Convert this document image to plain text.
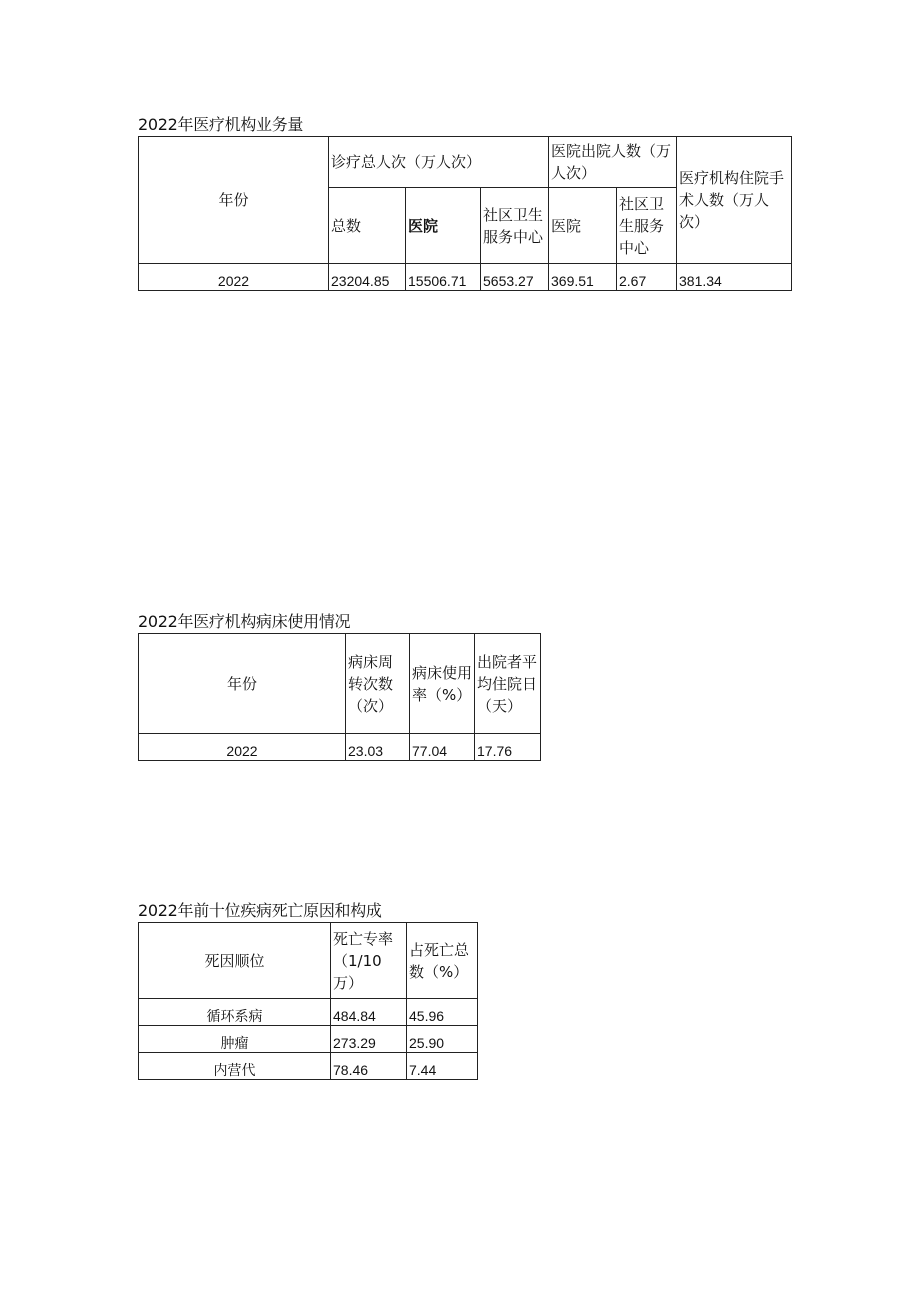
2022年医疗机构业务量
年份	诊疗总人次（万人次）			医院出院人数（万人次）		医疗机构住院手术人数（万人次）
	总数	医院	社区卫生服务中心	医院	社区卫生服务中心	
2022	23204.85	15506.71	5653.27	369.51	2.67	381.34
2022年医疗机构病床使用情况
年份	病床周转次数（次）	病床使用率（%）	出院者平均住院日（天）
2022	23.03	77.04	17.76
2022年前十位疾病死亡原因和构成
死因顺位	死亡专率（1/10万）	占死亡总数（%）
循环系病	484.84	45.96
肿瘤	273.29	25.90
内营代	78.46	7.44
